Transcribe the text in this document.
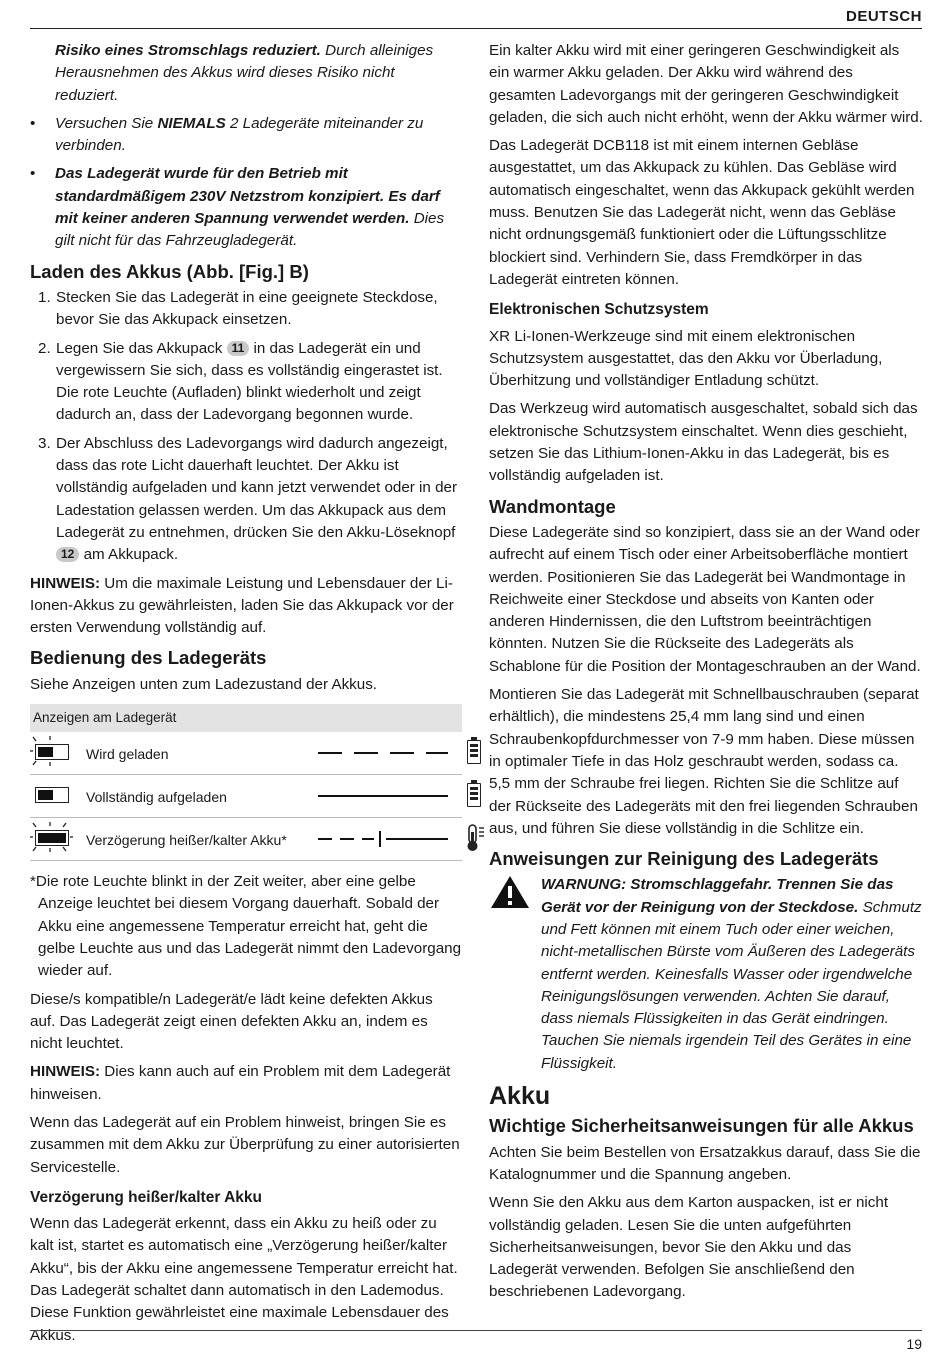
DEUTSCH

Risiko eines Stromschlags reduziert. Durch alleiniges Herausnehmen des Akkus wird dieses Risiko nicht reduziert.

• Versuchen Sie NIEMALS 2 Ladegeräte miteinander zu verbinden.
• Das Ladegerät wurde für den Betrieb mit standardmäßigem 230V Netzstrom konzipiert. Es darf mit keiner anderen Spannung verwendet werden. Dies gilt nicht für das Fahrzeugladegerät.
Laden des Akkus (Abb. [Fig.] B)
1. Stecken Sie das Ladegerät in eine geeignete Steckdose, bevor Sie das Akkupack einsetzen.
2. Legen Sie das Akkupack 11 in das Ladegerät ein und vergewissern Sie sich, dass es vollständig eingerastet ist. Die rote Leuchte (Aufladen) blinkt wiederholt und zeigt dadurch an, dass der Ladevorgang begonnen wurde.
3. Der Abschluss des Ladevorgangs wird dadurch angezeigt, dass das rote Licht dauerhaft leuchtet. Der Akku ist vollständig aufgeladen und kann jetzt verwendet oder in der Ladestation gelassen werden. Um das Akkupack aus dem Ladegerät zu entnehmen, drücken Sie den Akku-Löseknopf 12 am Akkupack.

HINWEIS: Um die maximale Leistung und Lebensdauer der Li-Ionen-Akkus zu gewährleisten, laden Sie das Akkupack vor der ersten Verwendung vollständig auf.

Bedienung des Ladegeräts

Siehe Anzeigen unten zum Ladezustand der Akkus.

Anzeigen am Ladegerät
Wird geladen
Vollständig aufgeladen
Verzögerung heißer/kalter Akku*

*Die rote Leuchte blinkt in der Zeit weiter, aber eine gelbe Anzeige leuchtet bei diesem Vorgang dauerhaft. Sobald der Akku eine angemessene Temperatur erreicht hat, geht die gelbe Leuchte aus und das Ladegerät nimmt den Ladevorgang wieder auf.

Diese/s kompatible/n Ladegerät/e lädt keine defekten Akkus auf. Das Ladegerät zeigt einen defekten Akku an, indem es nicht leuchtet.

HINWEIS: Dies kann auch auf ein Problem mit dem Ladegerät hinweisen.

Wenn das Ladegerät auf ein Problem hinweist, bringen Sie es zusammen mit dem Akku zur Überprüfung zu einer autorisierten Servicestelle.

Verzögerung heißer/kalter Akku

Wenn das Ladegerät erkennt, dass ein Akku zu heiß oder zu kalt ist, startet es automatisch eine „Verzögerung heißer/kalter Akku“, bis der Akku eine angemessene Temperatur erreicht hat. Das Ladegerät schaltet dann automatisch in den Lademodus. Diese Funktion gewährleistet eine maximale Lebensdauer des Akkus.

Ein kalter Akku wird mit einer geringeren Geschwindigkeit als ein warmer Akku geladen. Der Akku wird während des gesamten Ladevorgangs mit der geringeren Geschwindigkeit geladen, die sich auch nicht erhöht, wenn der Akku wärmer wird.

Das Ladegerät DCB118 ist mit einem internen Gebläse ausgestattet, um das Akkupack zu kühlen. Das Gebläse wird automatisch eingeschaltet, wenn das Akkupack gekühlt werden muss. Benutzen Sie das Ladegerät nicht, wenn das Gebläse nicht ordnungsgemäß funktioniert oder die Lüftungsschlitze blockiert sind. Verhindern Sie, dass Fremdkörper in das Ladegerät eintreten können.

Elektronischen Schutzsystem

XR Li-Ionen-Werkzeuge sind mit einem elektronischen Schutzsystem ausgestattet, das den Akku vor Überladung, Überhitzung und vollständiger Entladung schützt.

Das Werkzeug wird automatisch ausgeschaltet, sobald sich das elektronische Schutzsystem einschaltet. Wenn dies geschieht, setzen Sie das Lithium-Ionen-Akku in das Ladegerät, bis es vollständig aufgeladen ist.

Wandmontage

Diese Ladegeräte sind so konzipiert, dass sie an der Wand oder aufrecht auf einem Tisch oder einer Arbeitsoberfläche montiert werden. Positionieren Sie das Ladegerät bei Wandmontage in Reichweite einer Steckdose und abseits von Kanten oder anderen Hindernissen, die den Luftstrom beeinträchtigen könnten. Nutzen Sie die Rückseite des Ladegeräts als Schablone für die Position der Montageschrauben an der Wand.

Montieren Sie das Ladegerät mit Schnellbauschrauben (separat erhältlich), die mindestens 25,4 mm lang sind und einen Schraubenkopfdurchmesser von 7-9 mm haben. Diese müssen in optimaler Tiefe in das Holz geschraubt werden, sodass ca. 5,5 mm der Schraube frei liegen. Richten Sie die Schlitze auf der Rückseite des Ladegeräts mit den frei liegenden Schrauben aus, und führen Sie diese vollständig in die Schlitze ein.

Anweisungen zur Reinigung des Ladegeräts

WARNUNG: Stromschlaggefahr. Trennen Sie das Gerät vor der Reinigung von der Steckdose. Schmutz und Fett können mit einem Tuch oder einer weichen, nicht-metallischen Bürste vom Äußeren des Ladegeräts entfernt werden. Keinesfalls Wasser oder irgendwelche Reinigungslösungen verwenden. Achten Sie darauf, dass niemals Flüssigkeiten in das Gerät eindringen. Tauchen Sie niemals irgendein Teil des Gerätes in eine Flüssigkeit.

Akku
Wichtige Sicherheitsanweisungen für alle Akkus

Achten Sie beim Bestellen von Ersatzakkus darauf, dass Sie die Katalognummer und die Spannung angeben.

Wenn Sie den Akku aus dem Karton auspacken, ist er nicht vollständig geladen. Lesen Sie die unten aufgeführten Sicherheitsanweisungen, bevor Sie den Akku und das Ladegerät verwenden. Befolgen Sie anschließend den beschriebenen Ladevorgang.

19
